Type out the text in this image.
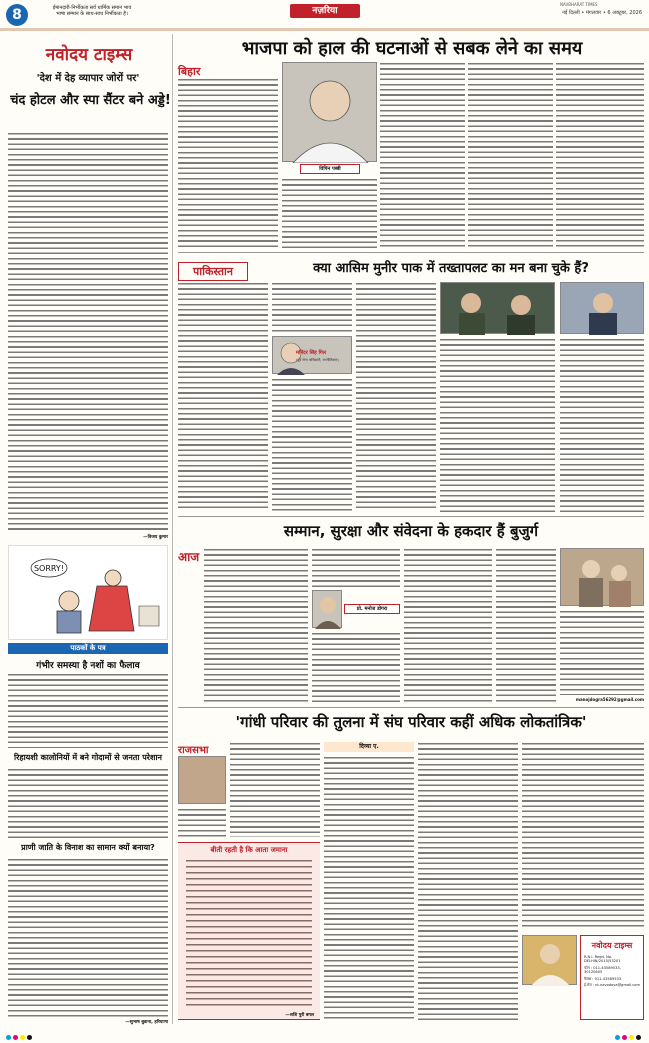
8	ईमानदारी-निर्भीकता सर्व धार्मिक समान भाव
भाषा सम्मान के साथ-साथ निर्भीकता है।	नज़रिया
NAVBHARAT TIMES
नई दिल्ली • मंगलवार • 6 अक्टूबर, 2026
नवोदय टाइम्स
'देश में देह व्यापार जोरों पर'
चंद होटल और स्पा सैंटर बने अड्डे!
—विजय कुमार
SORRY!
पाठकों के पत्र
गंभीर समस्या है नशों का फैलाव
रिहायशी कालोनियों में बने गोदामों से जनता परेशान
प्राणी जाति के विनाश का सामान क्यों बनाया?
—सुभाष बुडाना, हरियाणा
भाजपा को हाल की घटनाओं से सबक लेने का समय
बिहार
विपिन पब्बी
पाकिस्तान	क्या आसिम मुनीर पाक में तख्तापलट का मन बना चुके हैं?
मनिंदर सिंह गिल
(पूर्व सेना अधिकारी, रणनीतिकार)
सम्मान, सुरक्षा और संवेदना के हकदार हैं बुजुर्ग
आज
प्रो. मनोज डोगरा
manojdogra56292@gmail.com
'गांधी परिवार की तुलना में संघ परिवार कहीं अधिक लोकतांत्रिक'
राजसभा
बीती रहती है कि आता जमाना
—शशि पुरी बगल
दिव्या ए.
नवोदय टाइम्स
R.N.I. Regd. No. DELHIN/2013/53201
फोन : 011-43589533, 30120605
फैक्स : 011-43589533
ई-मेल : nt.navodaya@gmail.com
